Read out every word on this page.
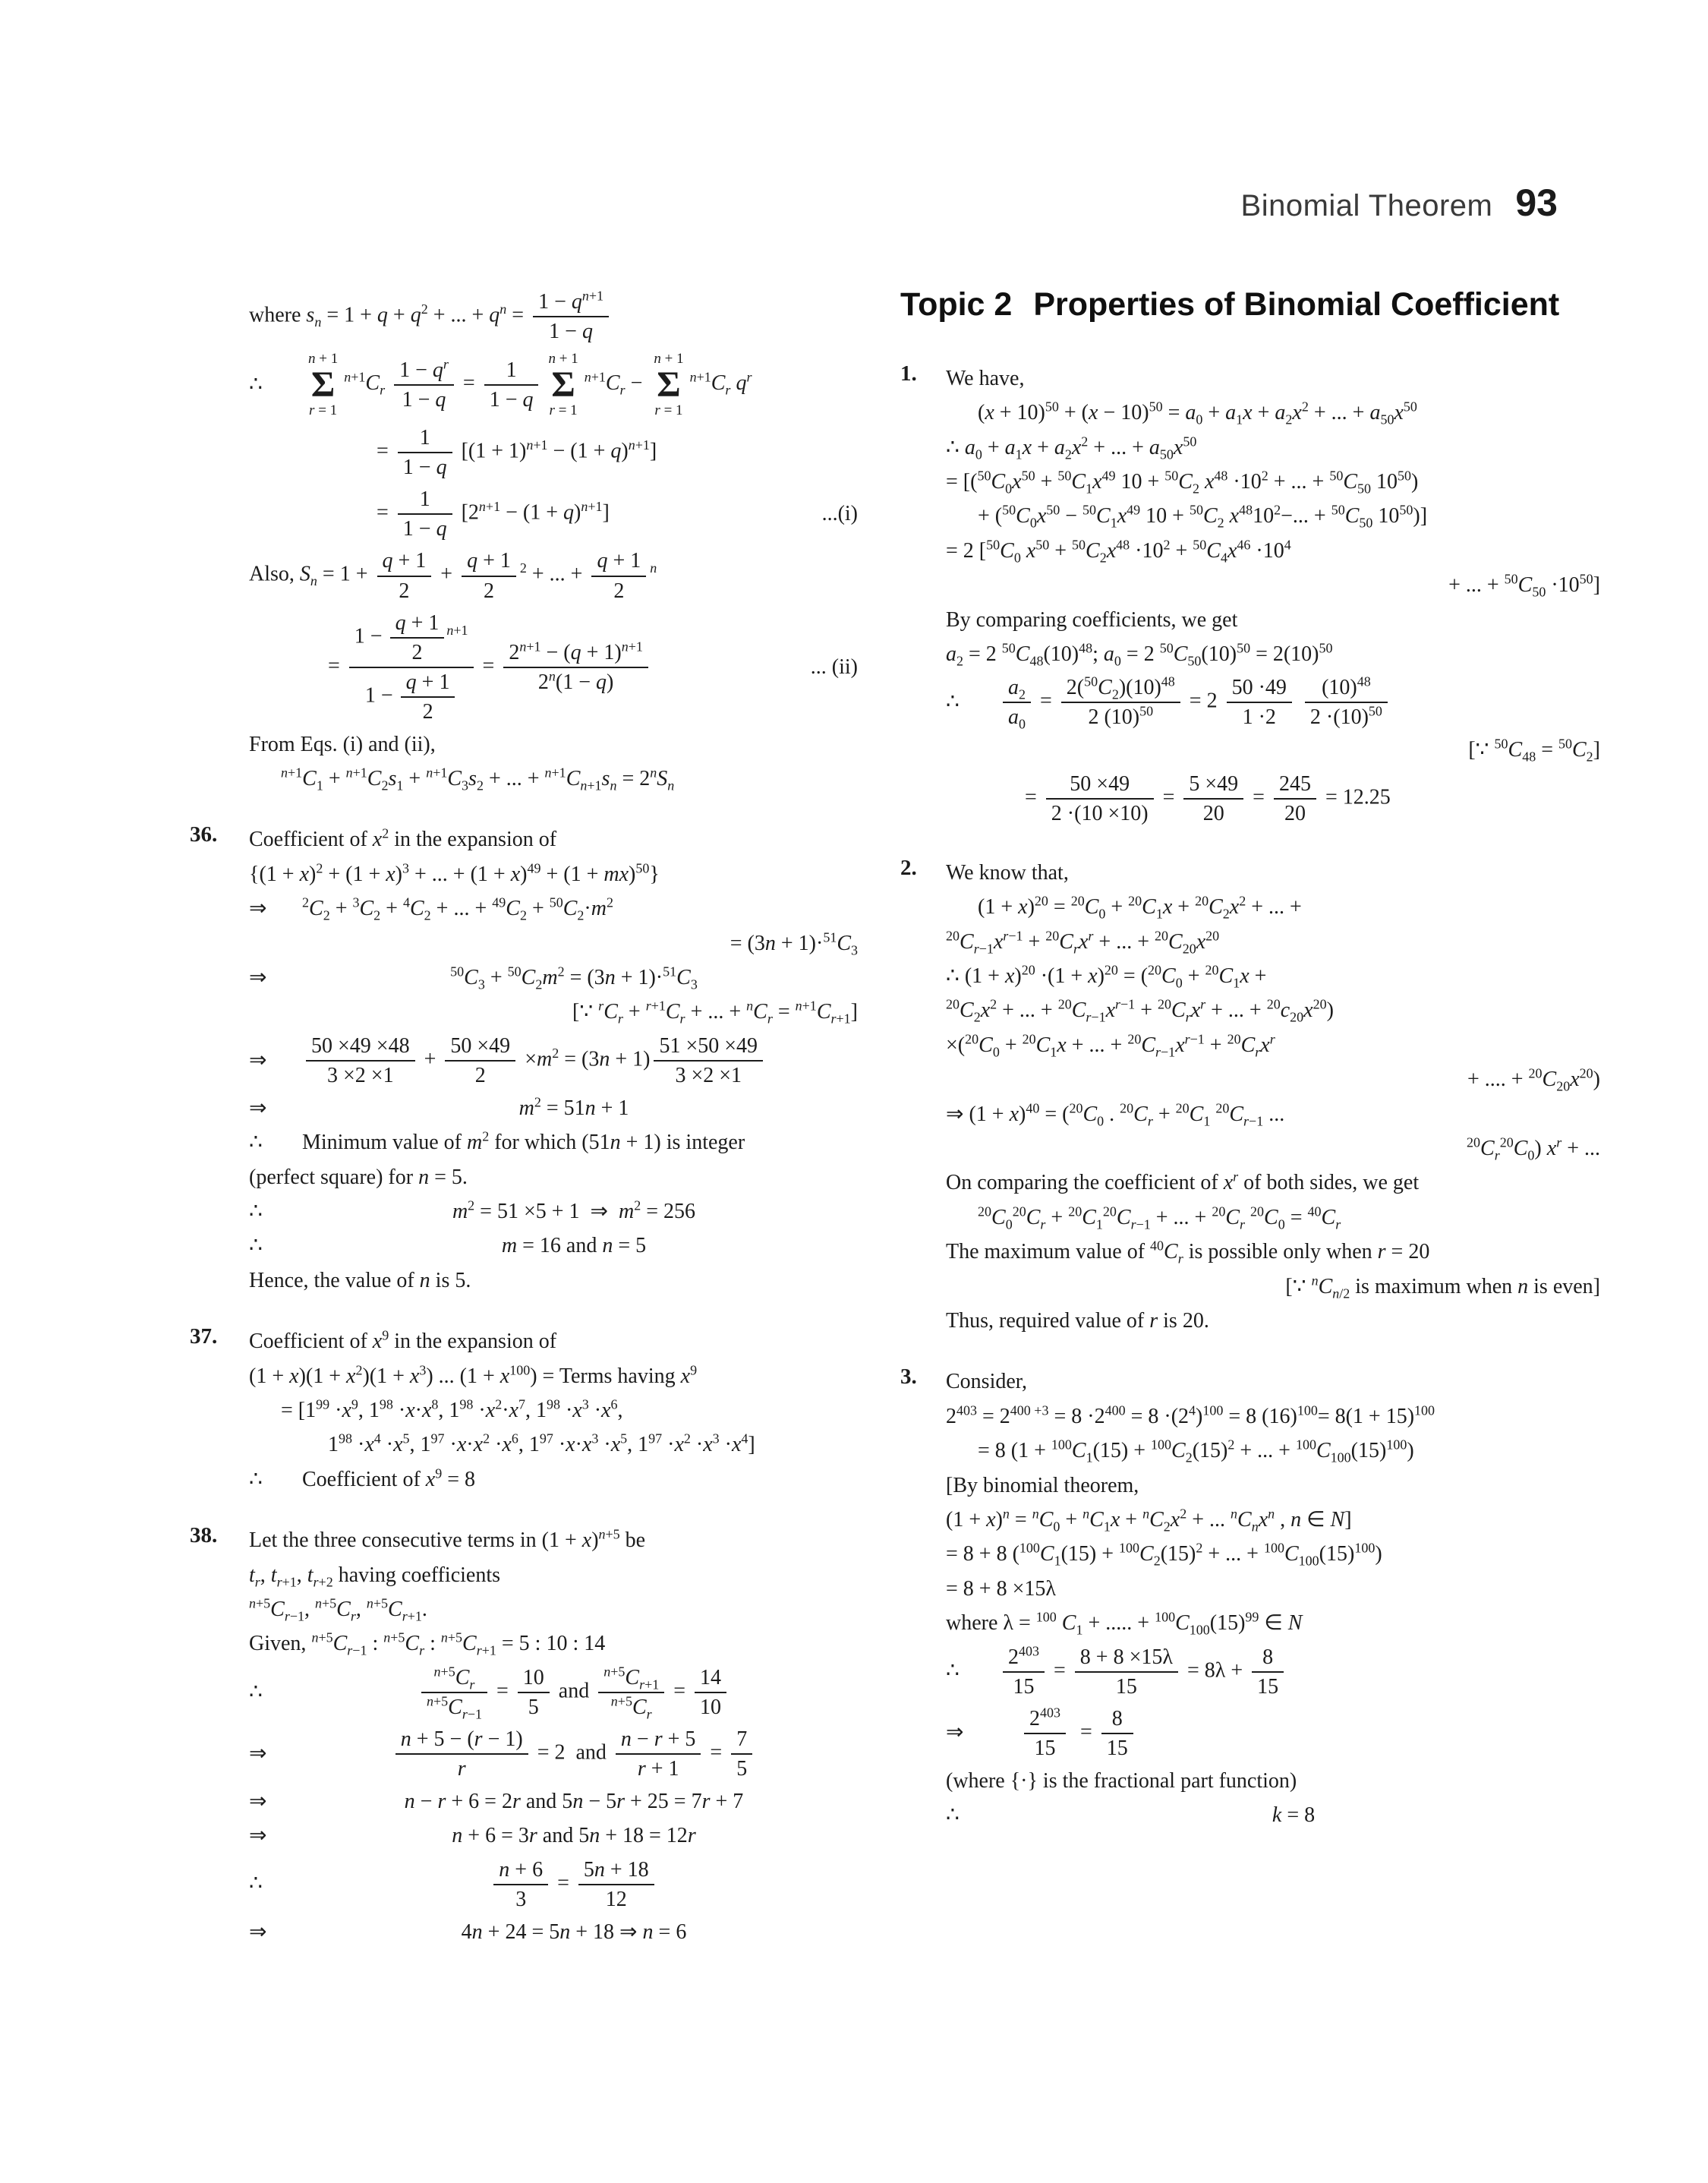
Binomial Theorem 93
where $s_n = 1 + q + q^2$ + ... + $q^n = \frac{1 - q^{n+1}}{1 - q}$
∴
n + 1
Σ
r = 1
$^{n+1}C_r \frac{1 - q^r}{1 - q} = \frac{1}{1 - q}$ n + 1
Σ
r = 1
$^{n+1}C_r$ −
n + 1
Σ
r = 1
$^{n+1}C_r$ $q^r$
= $\frac{1}{1 - q} [(1 + 1)^{n+1} - (1 + q)^{n+1}]$
= $\frac{1}{1 - q} [2^{n+1} - (1 + q)^{n+1}]$	...(i)
Also, $S_n = 1 + \frac{q + 1}{2} + \frac{q + 1}{2} ^2$ + ... + $\frac{q + 1}{2} ^n$
= $\frac{1 - \frac{q + 1}{2} ^{n+1}}{1 - \frac{q + 1}{2}} = \frac{2^{n+1} - (q + 1)^{n+1}}{2^n(1 - q)}$	... (ii)
From Eqs. (i) and (ii),
$^{n+1}C_1 + ^{n+1}C_2s_1 + ^{n+1}C_3s_2$ + ... + $^{n+1}C_{n+1}s_n = 2^nS_n$
36.	Coefficient of $x^2$ in the expansion of
{$(1 + x)^2 + (1 + x)^3$ + ... + $(1 + x)^{49} + (1 + mx)^{50}$}
⇒	$^2C_2 + ^3C_2 + ^4C_2$ + ... + $^{49}C_2 + ^{50}C_2\cdot m^2$
= $(3n + 1)\cdot^{51}C_3$
⇒	$^{50}C_3 + ^{50}C_2m^2 = (3n + 1)\cdot^{51}C_3$
[∵ $^rC_r + ^{r+1}C_r$ + ... + $^nC_r = ^{n+1}C_{r+1}$]
⇒	$\frac{50 \times 49 \times 48}{3 \times 2 \times 1} + \frac{50 \times 49}{2} \times m^2 = (3n + 1) \frac{51 \times 50 \times 49}{3 \times 2 \times 1}$
⇒	$m^2 = 51n + 1$
∴	Minimum value of $m^2$ for which (51n + 1) is integer
(perfect square) for n = 5.
∴	$m^2 = 51 \times 5 + 1$  ⇒  $m^2 = 256$
∴	m = 16 and n = 5
Hence, the value of n is 5.
37.	Coefficient of $x^9$ in the expansion of
$(1 + x)(1 + x^2)(1 + x^3)$ ... $(1 + x^{100})$ = Terms having $x^9$
= [$1^{99} \cdot x^9$, $1^{98} \cdot x\cdot x^8$, $1^{98} \cdot x^2\cdot x^7$, $1^{98} \cdot x^3 \cdot x^6$,
$1^{98} \cdot x^4 \cdot x^5$, $1^{97} \cdot x\cdot x^2 \cdot x^6$, $1^{97} \cdot x\cdot x^3 \cdot x^5$, $1^{97} \cdot x^2 \cdot x^3 \cdot x^4$]
∴	Coefficient of $x^9 = 8$
38.	Let the three consecutive terms in $(1 + x)^{n+5}$ be
$t_r$, $t_{r+1}$, $t_{r+2}$ having coefficients
$^{n+5}C_{r-1}$, $^{n+5}C_r$, $^{n+5}C_{r+1}$.
Given, $^{n+5}C_{r-1}$ : $^{n+5}C_r$ : $^{n+5}C_{r+1} = 5$ : 10 : 14
∴	$\frac{^{n+5}C_r}{^{n+5}C_{r-1}} = \frac{10}{5}$ and $\frac{^{n+5}C_{r+1}}{^{n+5}C_r} = \frac{14}{10}$
⇒	$\frac{n + 5 - (r - 1)}{r} = 2$  and $\frac{n - r + 5}{r + 1} = \frac{7}{5}$
⇒	n − r + 6 = 2r and 5n − 5r + 25 = 7r + 7
⇒	n + 6 = 3r and 5n + 18 = 12r
∴	$\frac{n + 6}{3} = \frac{5n + 18}{12}$
⇒	4n + 24 = 5n + 18 ⇒ n = 6
Topic 2 Properties of Binomial Coefficient
1.	We have,
$(x + 10)^{50} + (x - 10)^{50} = a_0 + a_1x + a_2x^2$ + ... + $a_{50}x^{50}$
∴ $a_0 + a_1x + a_2x^2$ + ... + $a_{50}x^{50}$
= [($^{50}C_0x^{50} + ^{50}C_1x^{49}$ $10 + ^{50}C_2$ $x^{48} \cdot 10^2$ + ... + $^{50}C_{50}$ $10^{50}$)
+ ($^{50}C_0x^{50} - ^{50}C_1x^{49}$ $10 + ^{50}C_2$ $x^{48}10^2-$... + $^{50}C_{50}$ $10^{50}$)]
= 2 [$^{50}C_0$ $x^{50} + ^{50}C_2x^{48} \cdot 10^2 + ^{50}C_4x^{46} \cdot 10^4$
+ ... + $^{50}C_{50} \cdot 10^{50}$]
By comparing coefficients, we get
$a_2 = 2$ $^{50}C_{48}(10)^{48}$; $a_0 = 2$ $^{50}C_{50}(10)^{50} = 2(10)^{50}$
∴	$\frac{a_2}{a_0} = \frac{2(^{50}C_2)(10)^{48}}{2 (10)^{50}} = 2 \frac{50 \cdot 49}{1 \cdot 2}$
$\frac{(10)^{48}}{2 \cdot(10)^{50}}$
[∵ $^{50}C_{48} = ^{50}C_2$]
= $\frac{50 \times 49}{2 \cdot(10 \times 10)} = \frac{5 \times 49}{20} = \frac{245}{20} = 12.25$
2.	We know that,
$(1 + x)^{20} = ^{20}C_0 + ^{20}C_1x + ^{20}C_2x^2$ + ... +
$^{20}C_{r-1}x^{r-1} + ^{20}C_rx^r$ + ... + $^{20}C_{20}x^{20}$
∴ $(1 + x)^{20} \cdot(1 + x)^{20} = (^{20}C_0 + ^{20}C_1x$ +
$^{20}C_2x^2$ + ... + $^{20}C_{r-1}x^{r-1} + ^{20}C_rx^r$ + ... + $^{20}c_{20}x^{20}$)
$\times(^{20}C_0 + ^{20}C_1x$ + ... + $^{20}C_{r-1}x^{r-1} + ^{20}C_rx^r$
+ .... + $^{20}C_{20}x^{20}$)
⇒ $(1 + x)^{40} = (^{20}C_0$ . $^{20}C_r + ^{20}C_1$ $^{20}C_{r-1}$ ...
$^{20}C_r^{20}C_0$) $x^r$ + ...
On comparing the coefficient of $x^r$ of both sides, we get
$^{20}C_0^{20}C_r + ^{20}C_1^{20}C_{r-1}$ + ... + $^{20}C_r$ $^{20}C_0 = ^{40}C_r$
The maximum value of $^{40}C_r$ is possible only when r = 20
[∵ $^nC_{n/2}$ is maximum when n is even]
Thus, required value of r is 20.
3.	Consider,
$2^{403} = 2^{400 +3} = 8 \cdot 2^{400} = 8 \cdot(2^4)^{100} = 8$ $(16)^{100}= 8(1 + 15)^{100}$
= 8 ($1 + ^{100}C_1(15) + ^{100}C_2(15)^2$ + ... + $^{100}C_{100}(15)^{100}$)
[By binomial theorem,
$(1 + x)^n = ^nC_0 + ^nC_1x + ^nC_2x^2$ + ... $^nC_nx^n$ , n ∈ N]
= 8 + 8 ($^{100}C_1(15) + ^{100}C_2(15)^2$ + ... + $^{100}C_{100}(15)^{100}$)
= 8 + 8 ×15λ
where λ = $^{100}$ $C_1$ + ..... + $^{100}C_{100}(15)^{99}$ ∈ N
∴	$\frac{2^{403}}{15} = \frac{8 + 8 \times 15\lambda}{15} = 8\lambda + \frac{8}{15}$
⇒
	$\frac{2^{403}}{15} = \frac{8}{15}$
(where {·} is the fractional part function)
∴	k = 8
